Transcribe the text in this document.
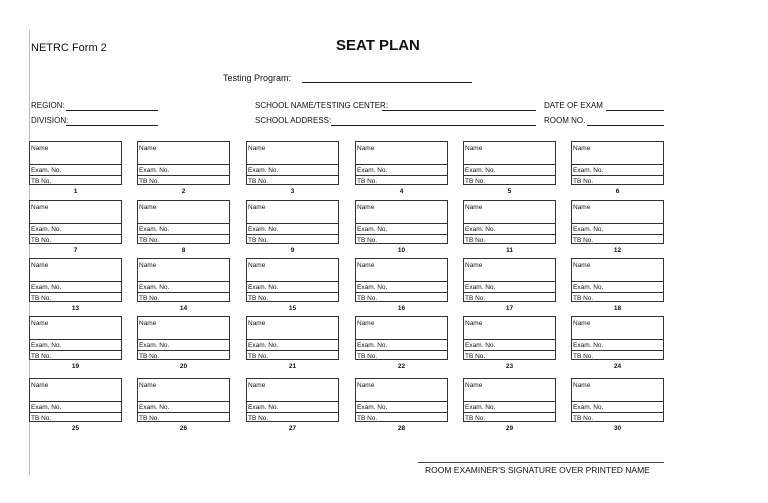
NETRC Form 2	SEAT PLAN
Testing Program:
REGION:
DIVISION:
SCHOOL NAME/TESTING CENTER:
SCHOOL ADDRESS:
DATE OF EXAM
ROOM NO.
Name
Exam. No.
TB No.
1
Name
Exam. No.
TB No.
2
Name
Exam. No.
TB No.
3
Name
Exam. No.
TB No.
4
Name
Exam. No.
TB No.
5
Name
Exam. No.
TB No.
6
Name
Exam. No.
TB No.
7
Name
Exam. No.
TB No.
8
Name
Exam. No.
TB No.
9
Name
Exam. No.
TB No.
10
Name
Exam. No.
TB No.
11
Name
Exam. No.
TB No.
12
Name
Exam. No.
TB No.
13
Name
Exam. No.
TB No.
14
Name
Exam. No.
TB No.
15
Name
Exam. No.
TB No.
16
Name
Exam. No.
TB No.
17
Name
Exam. No.
TB No.
18
Name
Exam. No.
TB No.
19
Name
Exam. No.
TB No.
20
Name
Exam. No.
TB No.
21
Name
Exam. No.
TB No.
22
Name
Exam. No.
TB No.
23
Name
Exam. No.
TB No.
24
Name
Exam. No.
TB No.
25
Name
Exam. No.
TB No.
26
Name
Exam. No.
TB No.
27
Name
Exam. No.
TB No.
28
Name
Exam. No.
TB No.
29
Name
Exam. No.
TB No.
30
ROOM EXAMINER'S SIGNATURE OVER PRINTED NAME
